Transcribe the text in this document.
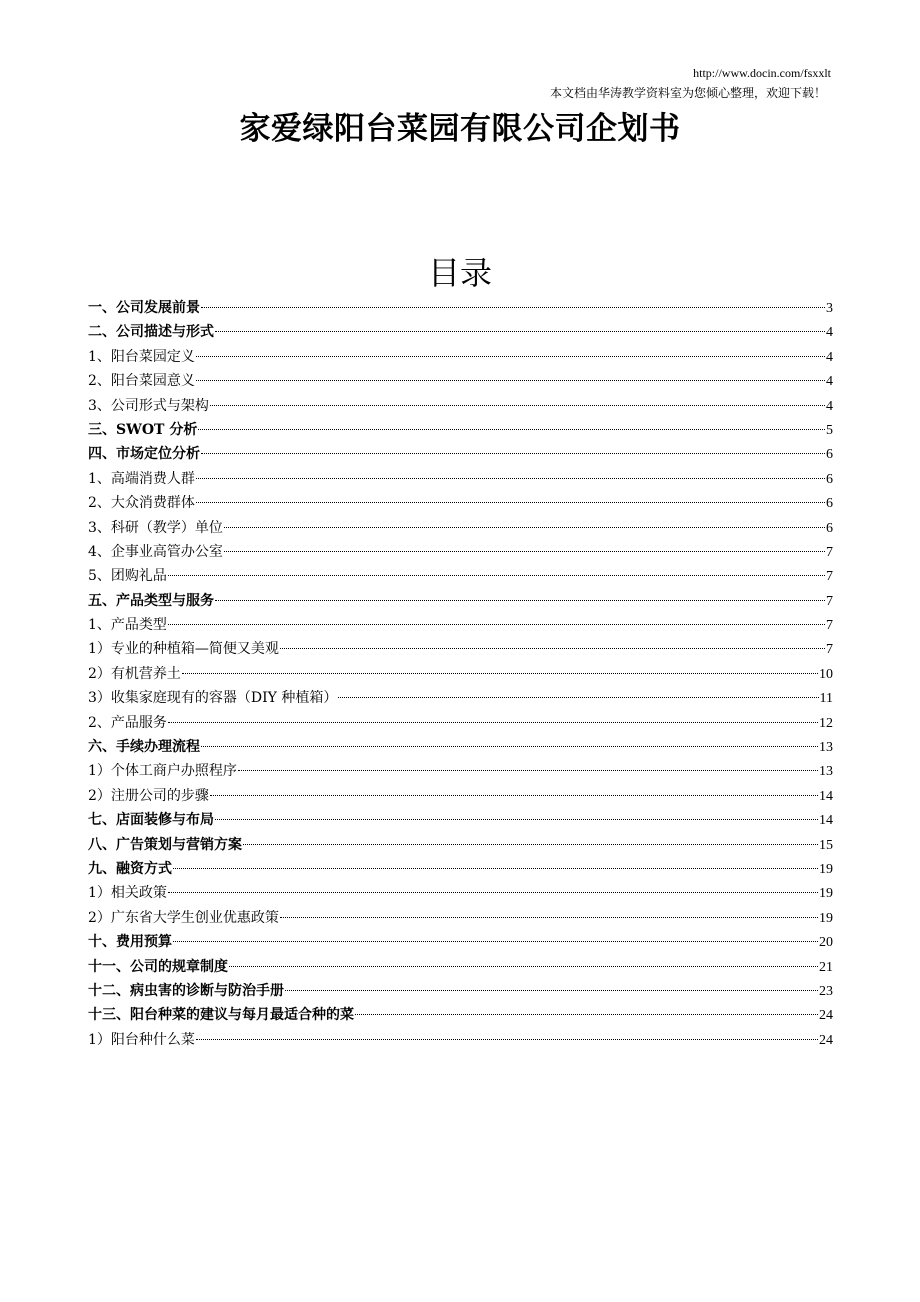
http://www.docin.com/fsxxlt
本文档由华涛教学资料室为您倾心整理，欢迎下载！
家爱绿阳台菜园有限公司企划书
目录
一、公司发展前景	3
二、公司描述与形式	4
1、阳台菜园定义	4
2、阳台菜园意义	4
3、公司形式与架构	4
三、SWOT 分析	5
四、市场定位分析	6
1、高端消费人群	6
2、大众消费群体	6
3、科研（教学）单位	6
4、企事业高管办公室	7
5、团购礼品	7
五、产品类型与服务	7
1、产品类型	7
1）专业的种植箱—简便又美观	7
2）有机营养土	10
3）收集家庭现有的容器（DIY 种植箱）	11
2、产品服务	12
六、手续办理流程	13
1）个体工商户办照程序	13
2）注册公司的步骤	14
七、店面装修与布局	14
八、广告策划与营销方案	15
九、融资方式	19
1）相关政策	19
2）广东省大学生创业优惠政策	19
十、费用预算	20
十一、公司的规章制度	21
十二、病虫害的诊断与防治手册	23
十三、阳台种菜的建议与每月最适合种的菜	24
1）阳台种什么菜	24
